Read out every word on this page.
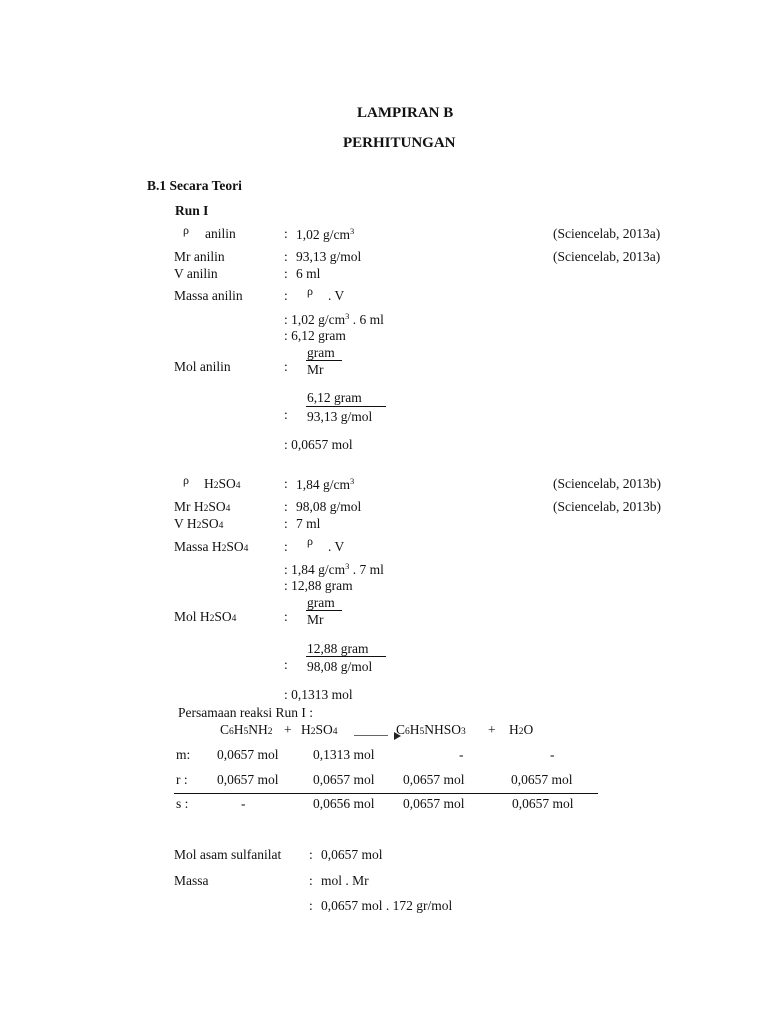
LAMPIRAN B
PERHITUNGAN
B.1 Secara Teori
Run I
ρ anilin	: 1,02 $g/cm^3$	(Sciencelab, 2013a)
Mr anilin	: 93,13 g/mol	(Sciencelab, 2013a)
V anilin	: 6 ml
Massa anilin	: ρ . V
: 1,02 $g/cm^3$ . 6 ml
: 6,12 gram
Mol anilin	:
gram
Mr
6,12 gram
: 93,13 g/mol
: 0,0657 mol
ρ H2SO4	: 1,84 $g/cm^3$	(Sciencelab, 2013b)
Mr H2SO4	: 98,08 g/mol	(Sciencelab, 2013b)
V H2SO4	: 7 ml
Massa H2SO4	: ρ . V
: 1,84 $g/cm^3$ . 7 ml
: 12,88 gram
Mol H2SO4	:
gram
Mr
12,88 gram
: 98,08 g/mol
: 0,1313 mol
Persamaan reaksi Run I :
C6H5NH2 + H2SO4	C6H5NHSO3 + H2O
m: 0,0657 mol	0,1313 mol	-	-
r : 0,0657 mol	0,0657 mol 0,0657 mol	0,0657 mol
s :	-	0,0656 mol 0,0657 mol	0,0657 mol
Mol asam sulfanilat : 0,0657 mol
Massa	: mol . Mr
: 0,0657 mol . 172 gr/mol
